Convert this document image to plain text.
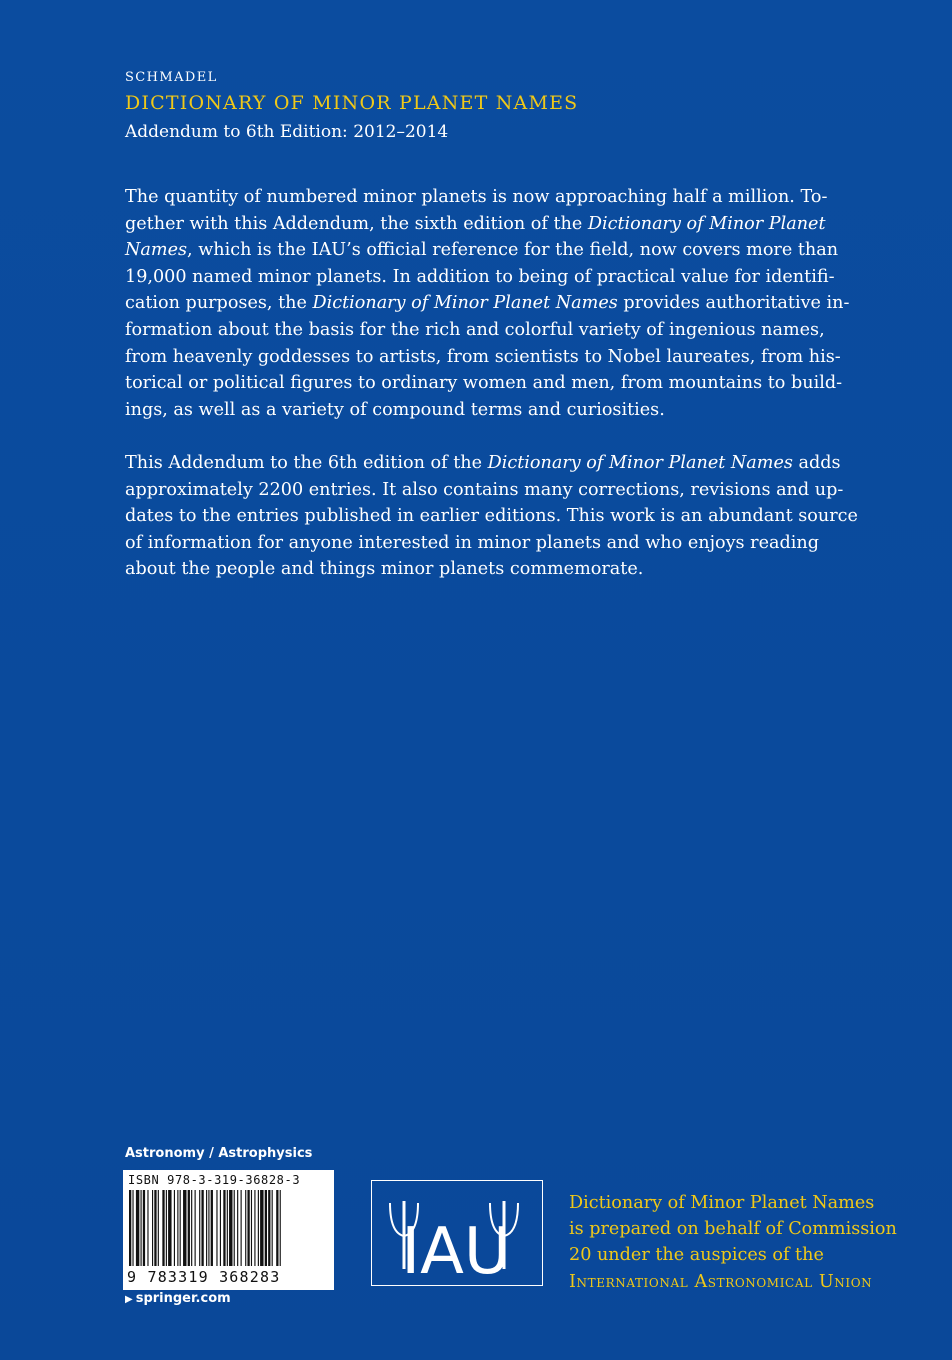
SCHMADEL
DICTIONARY OF MINOR PLANET NAMES
Addendum to 6th Edition: 2012–2014
The quantity of numbered minor planets is now approaching half a million. To-
gether with this Addendum, the sixth edition of the Dictionary of Minor Planet
Names, which is the IAU’s official reference for the field, now covers more than
19,000 named minor planets. In addition to being of practical value for identifi-
cation purposes, the Dictionary of Minor Planet Names provides authoritative in-
formation about the basis for the rich and colorful variety of ingenious names,
from heavenly goddesses to artists, from scientists to Nobel laureates, from his-
torical or political figures to ordinary women and men, from mountains to build-
ings, as well as a variety of compound terms and curiosities.
This Addendum to the 6th edition of the Dictionary of Minor Planet Names adds
approximately 2200 entries. It also contains many corrections, revisions and up-
dates to the entries published in earlier editions. This work is an abundant source
of information for anyone interested in minor planets and who enjoys reading
about the people and things minor planets commemorate.
Astronomy / Astrophysics
ISBN 978-3-319-36828-3
9 783319 368283
▶ springer.com
IAU
Dictionary of Minor Planet Names
is prepared on behalf of Commission
20 under the auspices of the
International Astronomical Union
